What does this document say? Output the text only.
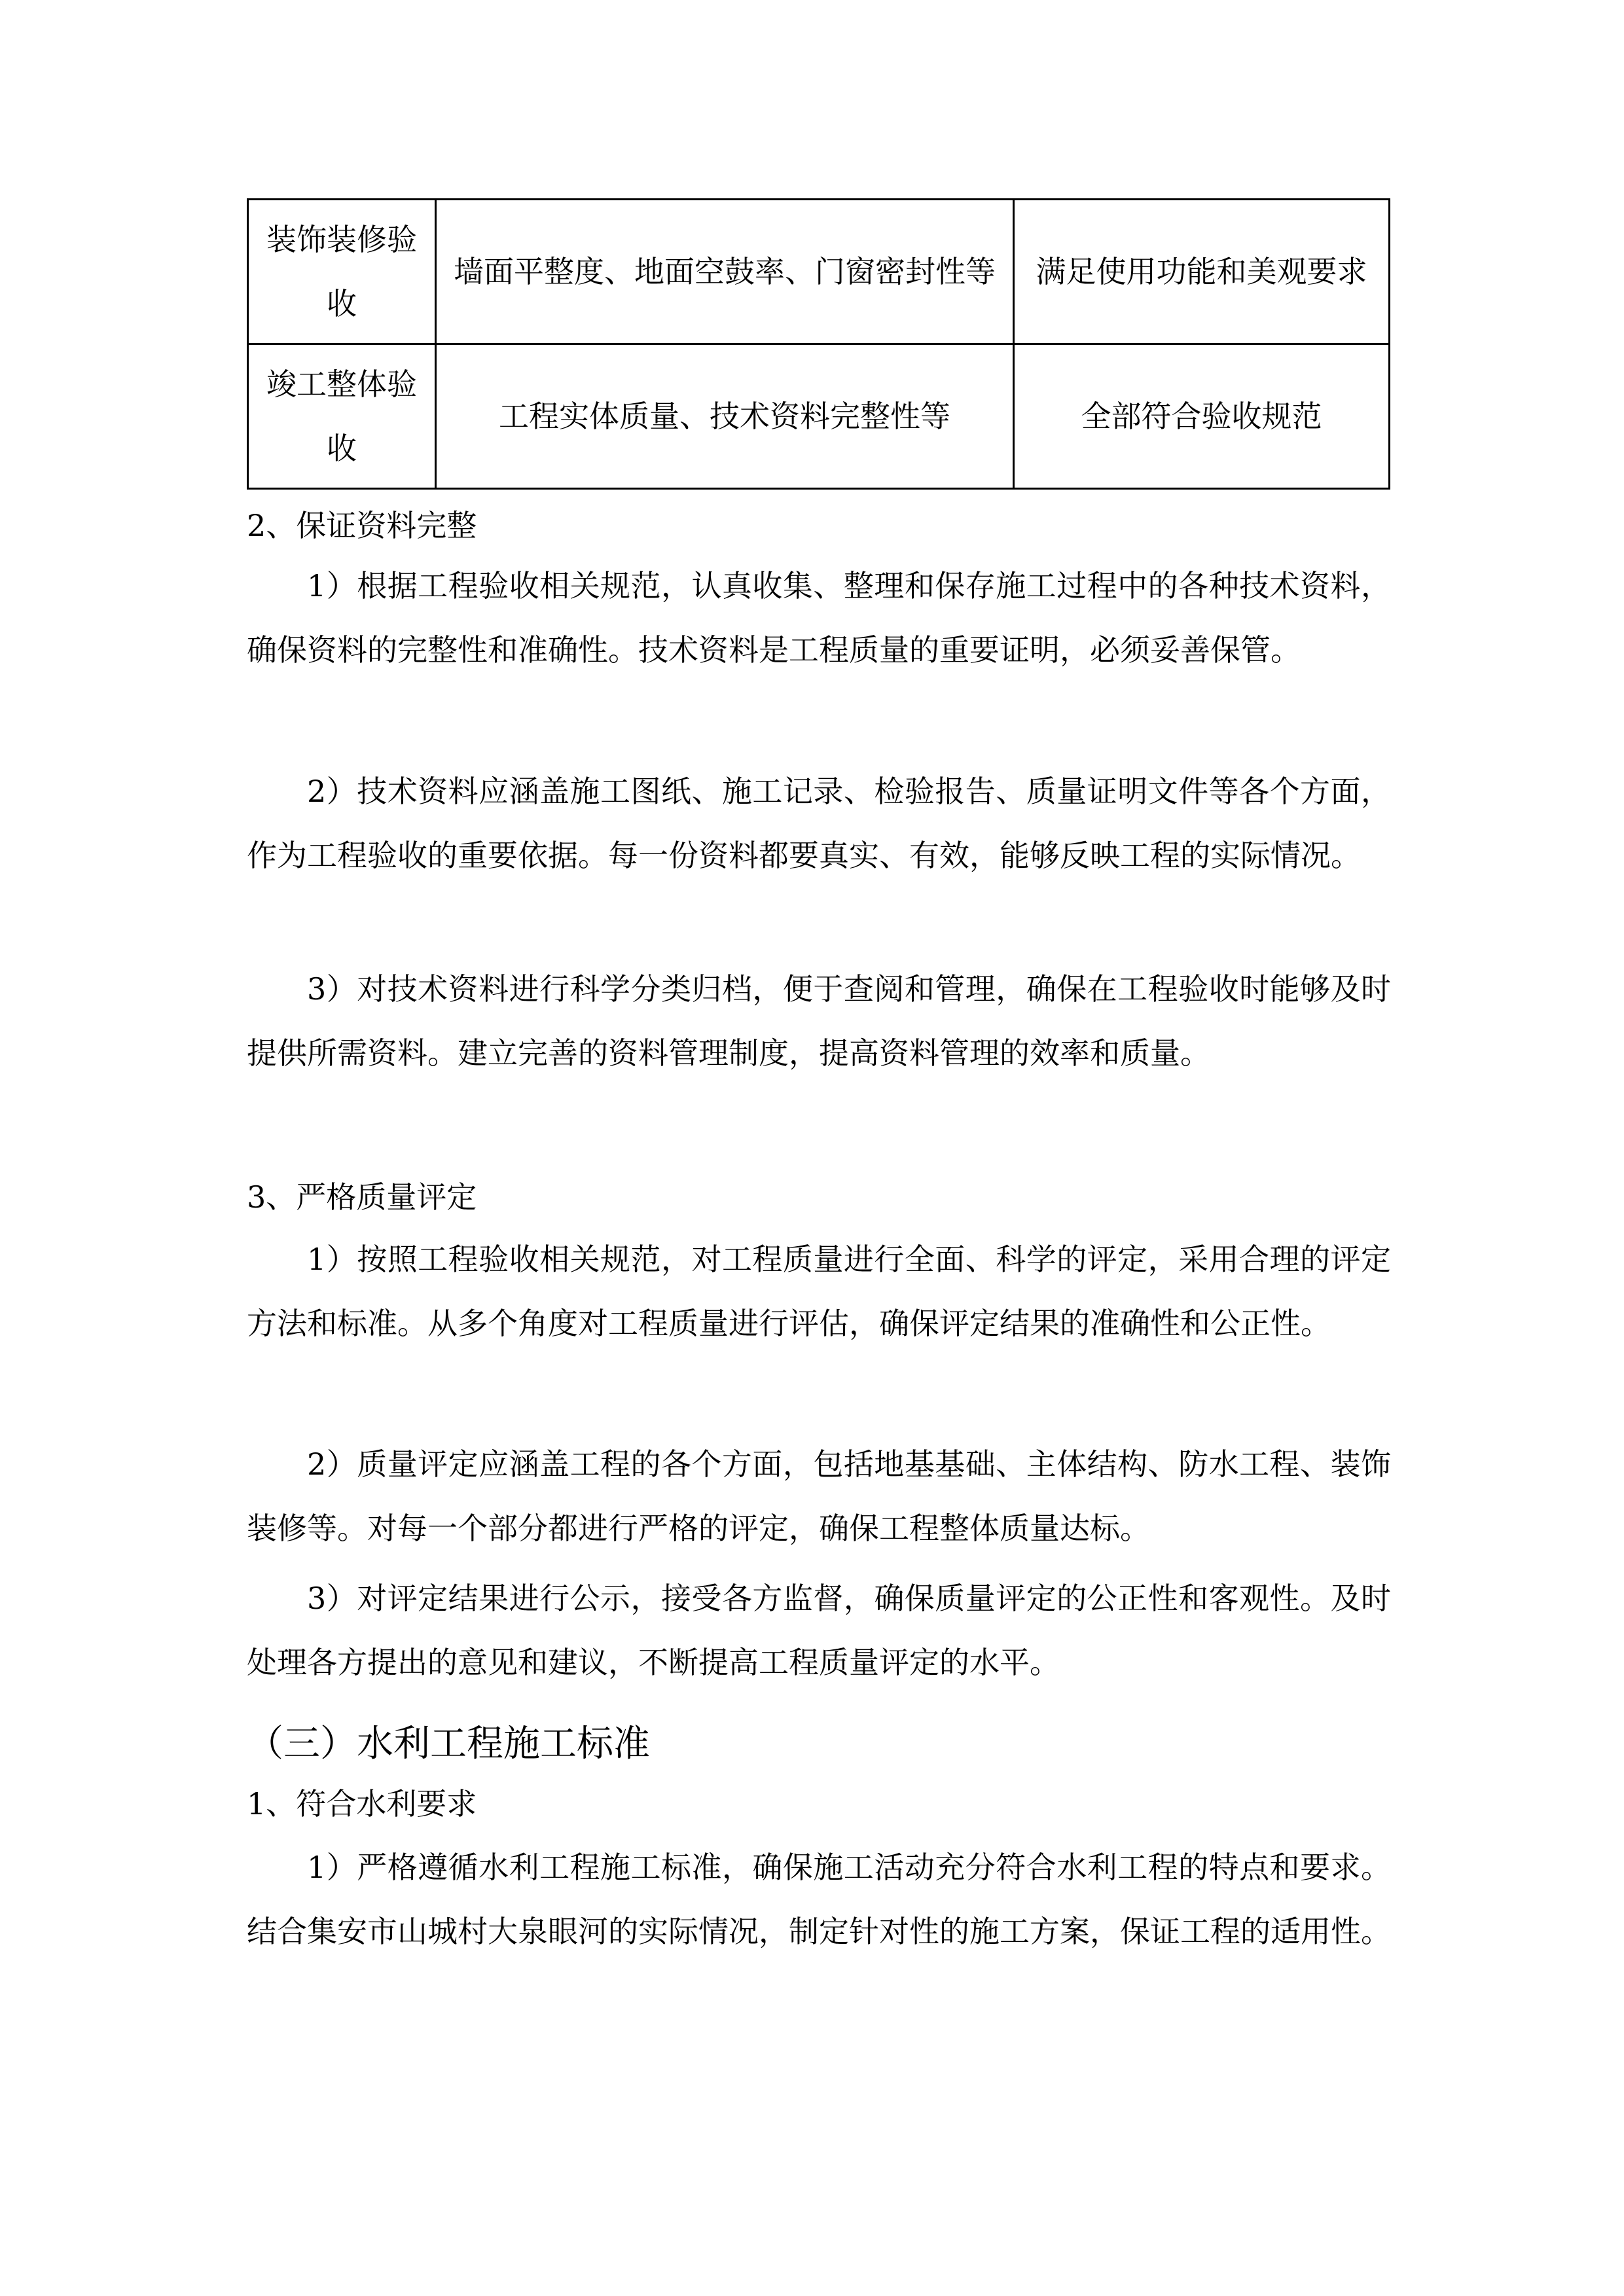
装饰装修验收	墙面平整度、地面空鼓率、门窗密封性等	满足使用功能和美观要求
竣工整体验收	工程实体质量、技术资料完整性等	全部符合验收规范
2、保证资料完整
1）根据工程验收相关规范，认真收集、整理和保存施工过程中的各种技术资料，确保资料的完整性和准确性。技术资料是工程质量的重要证明，必须妥善保管。
2）技术资料应涵盖施工图纸、施工记录、检验报告、质量证明文件等各个方面，作为工程验收的重要依据。每一份资料都要真实、有效，能够反映工程的实际情况。
3）对技术资料进行科学分类归档，便于查阅和管理，确保在工程验收时能够及时提供所需资料。建立完善的资料管理制度，提高资料管理的效率和质量。
3、严格质量评定
1）按照工程验收相关规范，对工程质量进行全面、科学的评定，采用合理的评定方法和标准。从多个角度对工程质量进行评估，确保评定结果的准确性和公正性。
2）质量评定应涵盖工程的各个方面，包括地基基础、主体结构、防水工程、装饰装修等。对每一个部分都进行严格的评定，确保工程整体质量达标。
3）对评定结果进行公示，接受各方监督，确保质量评定的公正性和客观性。及时处理各方提出的意见和建议，不断提高工程质量评定的水平。
（三）水利工程施工标准
1、符合水利要求
1）严格遵循水利工程施工标准，确保施工活动充分符合水利工程的特点和要求。结合集安市山城村大泉眼河的实际情况，制定针对性的施工方案，保证工程的适用性。
